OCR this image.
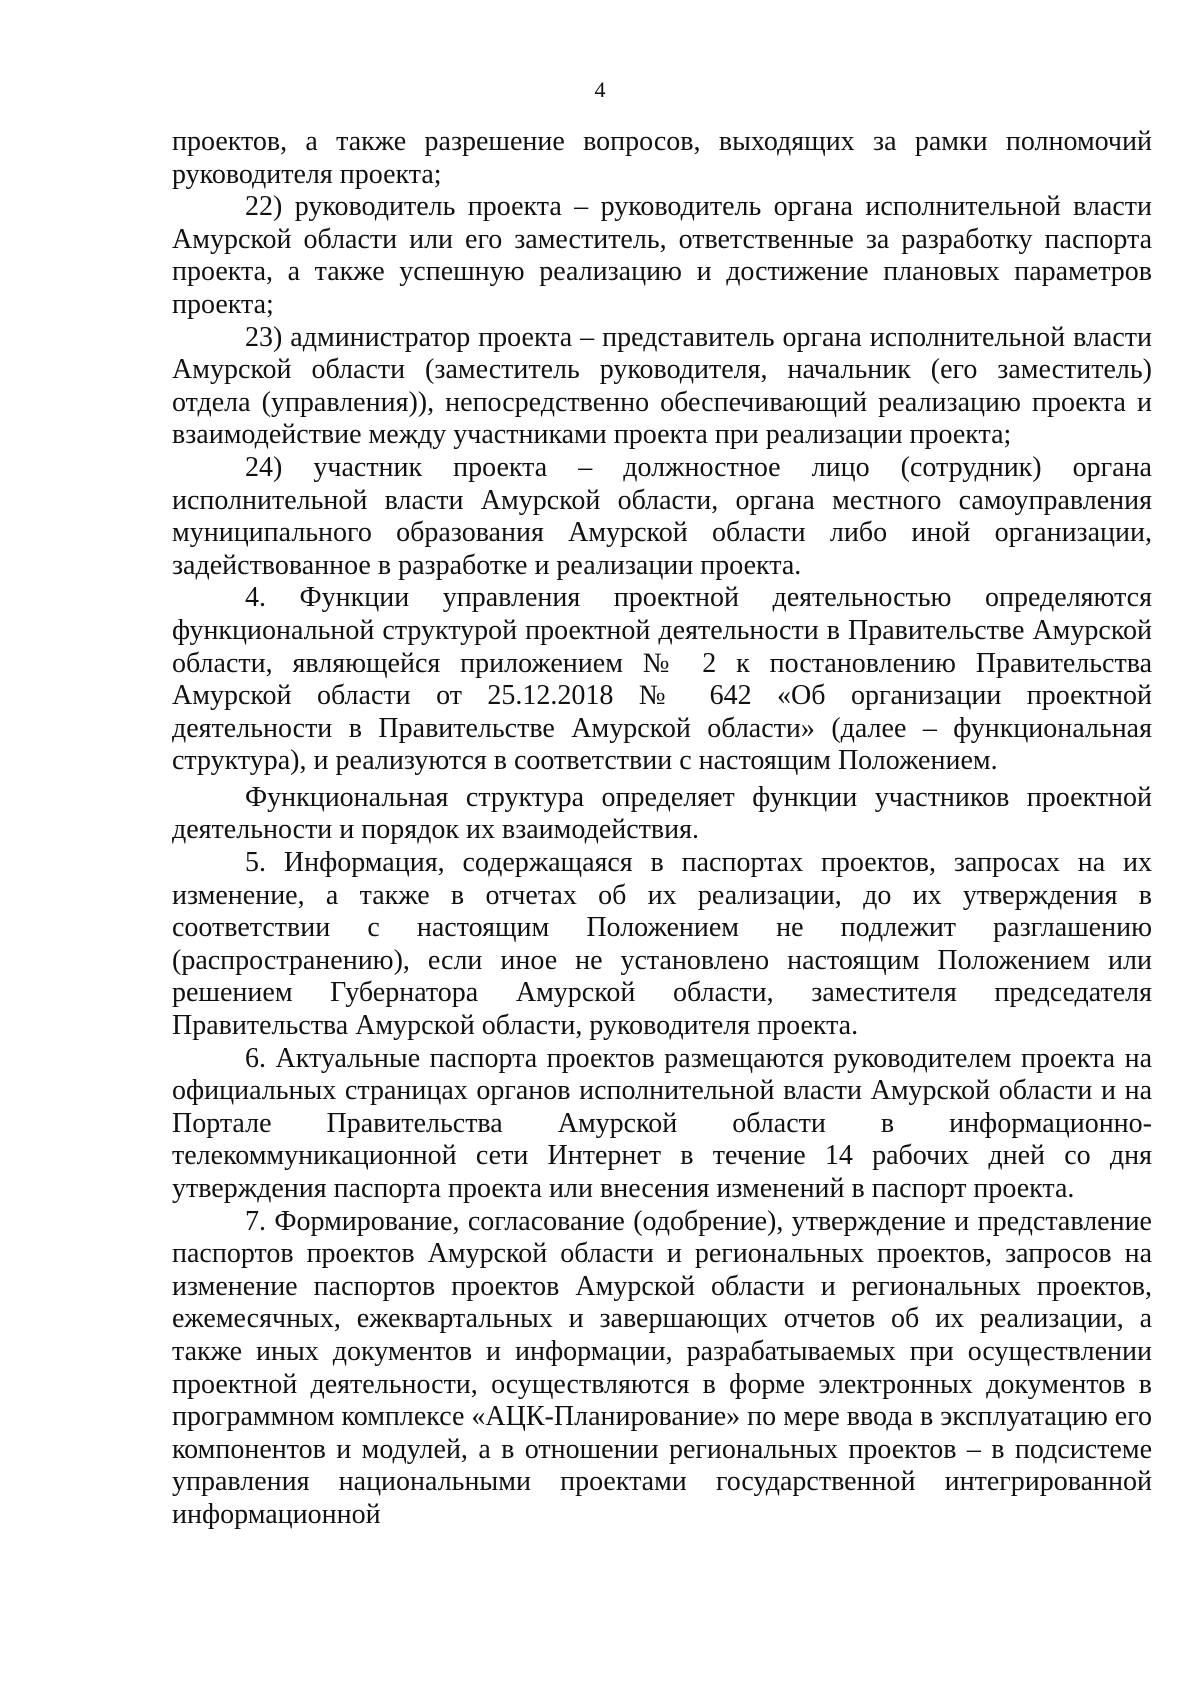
4

проектов, а также разрешение вопросов, выходящих за рамки полномочий руководителя проекта;

22) руководитель проекта – руководитель органа исполнительной власти Амурской области или его заместитель, ответственные за разработку паспорта проекта, а также успешную реализацию и достижение плановых параметров проекта;

23) администратор проекта – представитель органа исполнительной власти Амурской области (заместитель руководителя, начальник (его заместитель) отдела (управления)), непосредственно обеспечивающий реализацию проекта и взаимодействие между участниками проекта при реализации проекта;

24) участник проекта – должностное лицо (сотрудник) органа исполнительной власти Амурской области, органа местного самоуправления муниципального образования Амурской области либо иной организации, задействованное в разработке и реализации проекта.

4. Функции управления проектной деятельностью определяются функциональной структурой проектной деятельности в Правительстве Амурской области, являющейся приложением № 2 к постановлению Правительства Амурской области от 25.12.2018 № 642 «Об организации проектной деятельности в Правительстве Амурской области» (далее – функциональная структура), и реализуются в соответствии с настоящим Положением.

Функциональная структура определяет функции участников проектной деятельности и порядок их взаимодействия.

5. Информация, содержащаяся в паспортах проектов, запросах на их изменение, а также в отчетах об их реализации, до их утверждения в соответствии с настоящим Положением не подлежит разглашению (распространению), если иное не установлено настоящим Положением или решением Губернатора Амурской области, заместителя председателя Правительства Амурской области, руководителя проекта.

6. Актуальные паспорта проектов размещаются руководителем проекта на официальных страницах органов исполнительной власти Амурской области и на Портале Правительства Амурской области в информационно-телекоммуникационной сети Интернет в течение 14 рабочих дней со дня утверждения паспорта проекта или внесения изменений в паспорт проекта.

7. Формирование, согласование (одобрение), утверждение и представление паспортов проектов Амурской области и региональных проектов, запросов на изменение паспортов проектов Амурской области и региональных проектов, ежемесячных, ежеквартальных и завершающих отчетов об их реализации, а также иных документов и информации, разрабатываемых при осуществлении проектной деятельности, осуществляются в форме электронных документов в программном комплексе «АЦК-Планирование» по мере ввода в эксплуатацию его компонентов и модулей, а в отношении региональных проектов – в подсистеме управления национальными проектами государственной интегрированной информационной
